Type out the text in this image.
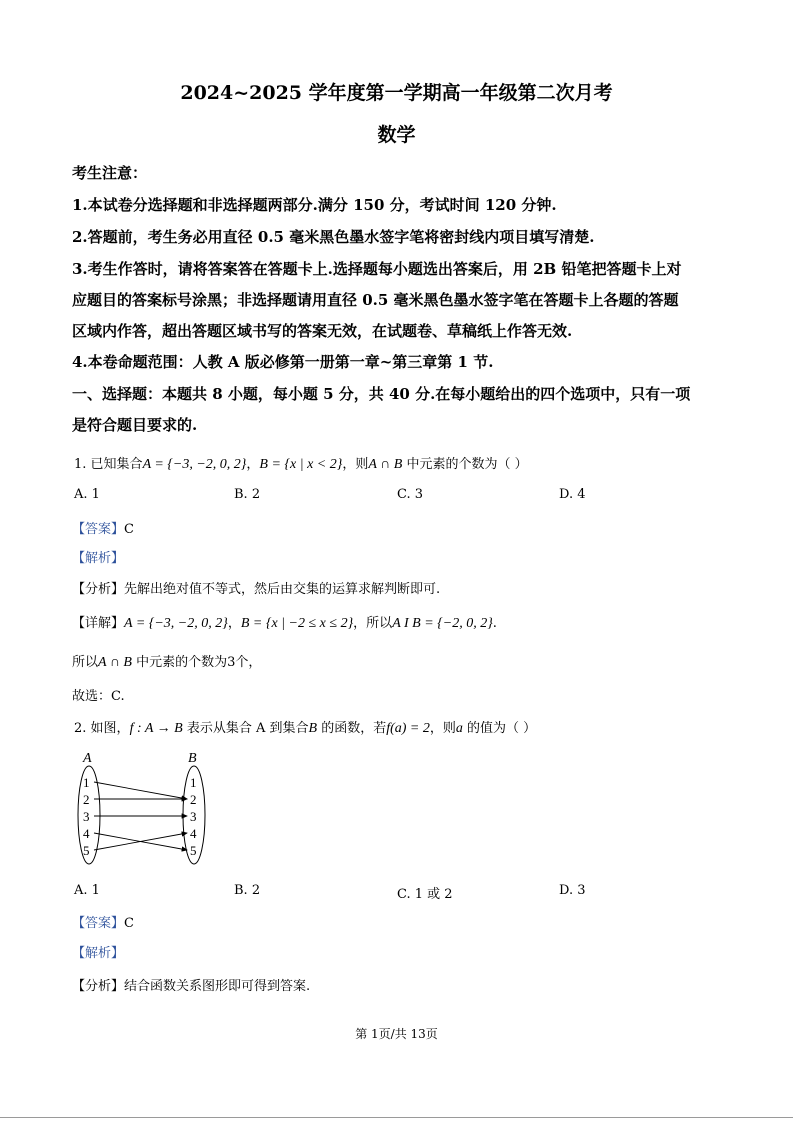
2024~2025 学年度第一学期高一年级第二次月考
数学
考生注意：
1.本试卷分选择题和非选择题两部分.满分 150 分，考试时间 120 分钟.
2.答题前，考生务必用直径 0.5 毫米黑色墨水签字笔将密封线内项目填写清楚.
3.考生作答时，请将答案答在答题卡上.选择题每小题选出答案后，用 2B 铅笔把答题卡上对
应题目的答案标号涂黑；非选择题请用直径 0.5 毫米黑色墨水签字笔在答题卡上各题的答题
区域内作答，超出答题区域书写的答案无效，在试题卷、草稿纸上作答无效.
4.本卷命题范围：人教 A 版必修第一册第一章~第三章第 1 节.
一、选择题：本题共 8 小题，每小题 5 分，共 40 分.在每小题给出的四个选项中，只有一项
是符合题目要求的.
1. 已知集合A = {−3, −2, 0, 2}，B = {x | x < 2}，则A ∩ B 中元素的个数为（ ）
A. 1	B. 2	C. 3	D. 4
【答案】C
【解析】
【分析】先解出绝对值不等式，然后由交集的运算求解判断即可.
【详解】A = {−3, −2, 0, 2}，B = {x | −2 ≤ x ≤ 2}，所以A I B = {−2, 0, 2}.
所以A ∩ B 中元素的个数为3个，
故选：C.
2. 如图，f : A → B 表示从集合 A 到集合B 的函数，若f(a) = 2，则a 的值为（ ）
A	B
1
2
3
4
5
1
2
3
4
5
A. 1	B. 2	C. 1 或 2	D. 3
【答案】C
【解析】
【分析】结合函数关系图形即可得到答案.
第 1页/共 13页
